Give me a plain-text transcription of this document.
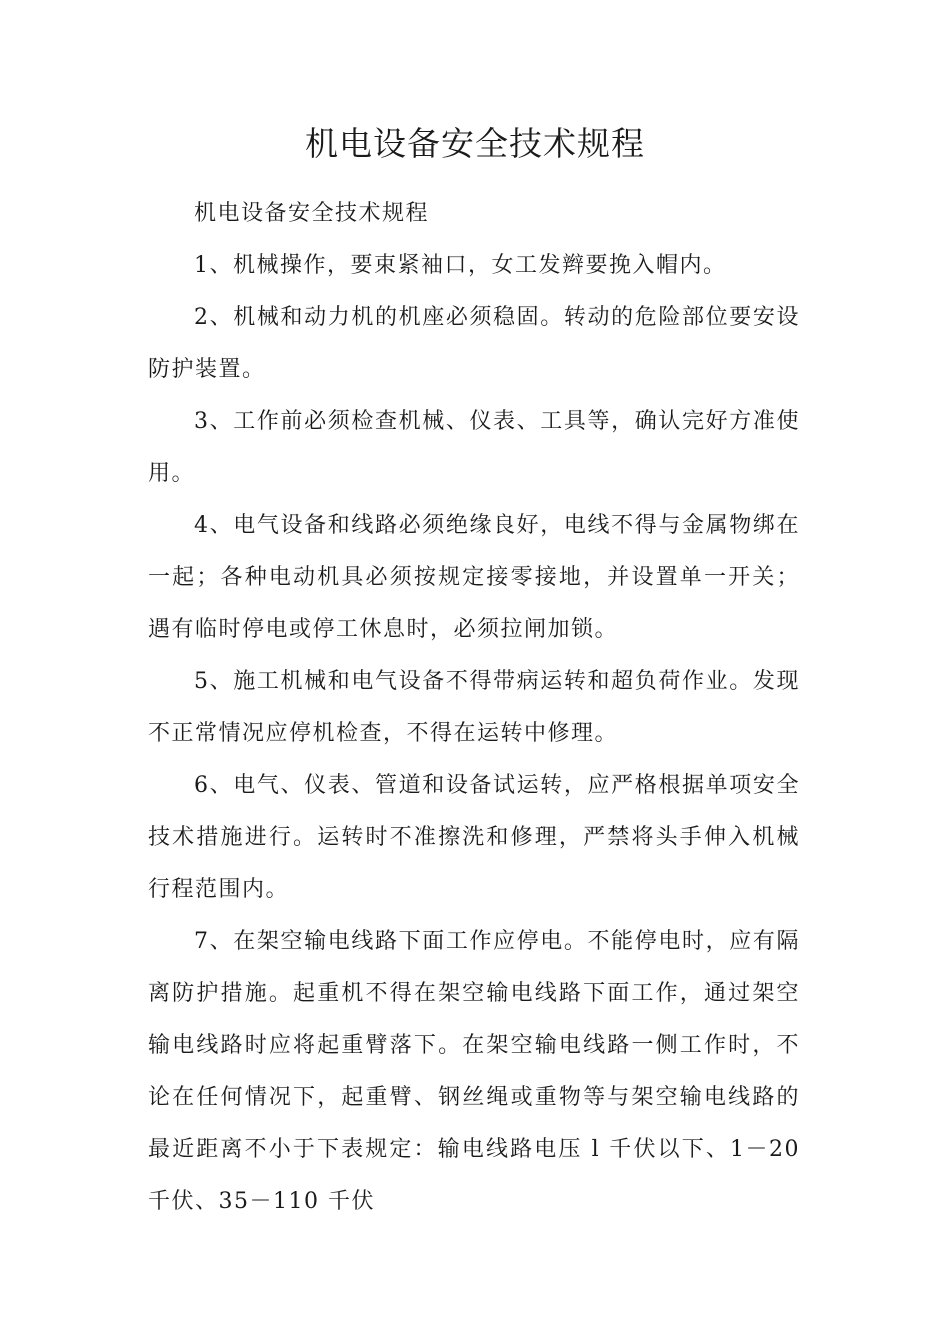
机电设备安全技术规程

机电设备安全技术规程

1、机械操作，要束紧袖口，女工发辫要挽入帽内。

2、机械和动力机的机座必须稳固。转动的危险部位要安设防护装置。

3、工作前必须检查机械、仪表、工具等，确认完好方准使用。

4、电气设备和线路必须绝缘良好，电线不得与金属物绑在一起；各种电动机具必须按规定接零接地，并设置单一开关；遇有临时停电或停工休息时，必须拉闸加锁。

5、施工机械和电气设备不得带病运转和超负荷作业。发现不正常情况应停机检查，不得在运转中修理。

6、电气、仪表、管道和设备试运转，应严格根据单项安全技术措施进行。运转时不准擦洗和修理，严禁将头手伸入机械行程范围内。

7、在架空输电线路下面工作应停电。不能停电时，应有隔离防护措施。起重机不得在架空输电线路下面工作，通过架空输电线路时应将起重臂落下。在架空输电线路一侧工作时，不论在任何情况下，起重臂、钢丝绳或重物等与架空输电线路的最近距离不小于下表规定：输电线路电压 l 千伏以下、1－20 千伏、35－110 千伏
